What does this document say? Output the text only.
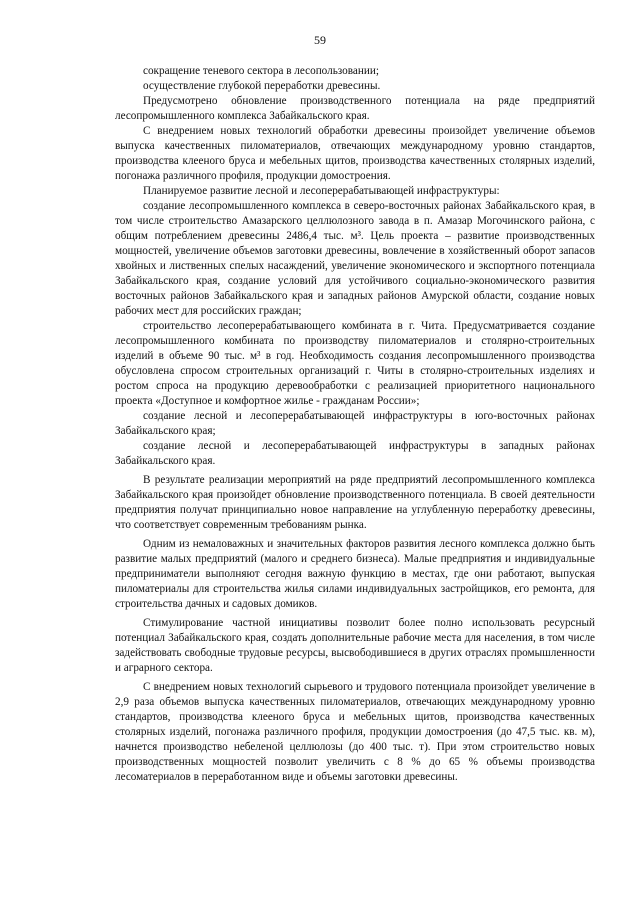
59

сокращение теневого сектора в лесопользовании;

осуществление глубокой переработки древесины.

Предусмотрено обновление производственного потенциала на ряде предприятий лесопромышленного комплекса Забайкальского края.

С внедрением новых технологий обработки древесины произойдет увеличение объемов выпуска качественных пиломатериалов, отвечающих международному уровню стандартов, производства клееного бруса и мебельных щитов, производства качественных столярных изделий, погонажа различного профиля, продукции домостроения.

Планируемое развитие лесной и лесоперерабатывающей инфраструктуры:

создание лесопромышленного комплекса в северо-восточных районах Забайкальского края, в том числе строительство Амазарского целлюлозного завода в п. Амазар Могочинского района, с общим потреблением древесины 2486,4 тыс. м³. Цель проекта – развитие производственных мощностей, увеличение объемов заготовки древесины, вовлечение в хозяйственный оборот запасов хвойных и лиственных спелых насаждений, увеличение экономического и экспортного потенциала Забайкальского края, создание условий для устойчивого социально-экономического развития восточных районов Забайкальского края и западных районов Амурской области, создание новых рабочих мест для российских граждан;

строительство лесоперерабатывающего комбината в г. Чита. Предусматривается создание лесопромышленного комбината по производству пиломатериалов и столярно-строительных изделий в объеме 90 тыс. м³ в год. Необходимость создания лесопромышленного производства обусловлена спросом строительных организаций г. Читы в столярно-строительных изделиях и ростом спроса на продукцию деревообработки с реализацией приоритетного национального проекта «Доступное и комфортное жилье - гражданам России»;

создание лесной и лесоперерабатывающей инфраструктуры в юго-восточных районах Забайкальского края;

создание лесной и лесоперерабатывающей инфраструктуры в западных районах Забайкальского края.

В результате реализации мероприятий на ряде предприятий лесопромышленного комплекса Забайкальского края произойдет обновление производственного потенциала. В своей деятельности предприятия получат принципиально новое направление на углубленную переработку древесины, что соответствует современным требованиям рынка.

Одним из немаловажных и значительных факторов развития лесного комплекса должно быть развитие малых предприятий (малого и среднего бизнеса). Малые предприятия и индивидуальные предприниматели выполняют сегодня важную функцию в местах, где они работают, выпуская пиломатериалы для строительства жилья силами индивидуальных застройщиков, его ремонта, для строительства дачных и садовых домиков.

Стимулирование частной инициативы позволит более полно использовать ресурсный потенциал Забайкальского края, создать дополнительные рабочие места для населения, в том числе задействовать свободные трудовые ресурсы, высвободившиеся в других отраслях промышленности и аграрного сектора.

С внедрением новых технологий сырьевого и трудового потенциала произойдет увеличение в 2,9 раза объемов выпуска качественных пиломатериалов, отвечающих международному уровню стандартов, производства клееного бруса и мебельных щитов, производства качественных столярных изделий, погонажа различного профиля, продукции домостроения (до 47,5 тыс. кв. м), начнется производство небеленой целлюлозы (до 400 тыс. т). При этом строительство новых производственных мощностей позволит увеличить с 8 % до 65 % объемы производства лесоматериалов в переработанном виде и объемы заготовки древесины.
